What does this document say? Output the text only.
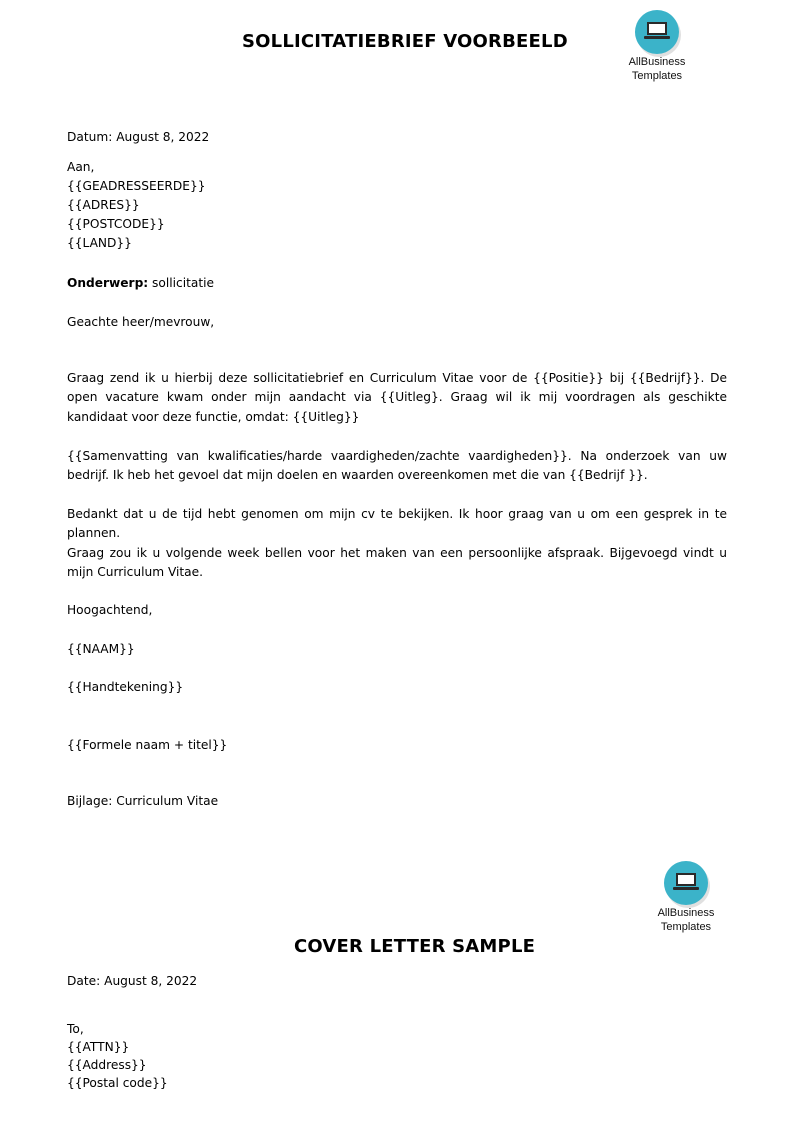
SOLLICITATIEBRIEF VOORBEELD
AllBusiness
Templates
Datum: August 8, 2022
Aan,
{{GEADRESSEERDE}}
{{ADRES}}
{{POSTCODE}}
{{LAND}}
Onderwerp: sollicitatie
Geachte heer/mevrouw,
Graag zend ik u hierbij deze sollicitatiebrief en Curriculum Vitae voor de {{Positie}} bij {{Bedrijf}}. De open vacature kwam onder mijn aandacht via {{Uitleg}. Graag wil ik mij voordragen als geschikte kandidaat voor deze functie, omdat: {{Uitleg}}
{{Samenvatting van kwalificaties/harde vaardigheden/zachte vaardigheden}}. Na onderzoek van uw bedrijf. Ik heb het gevoel dat mijn doelen en waarden overeenkomen met die van {{Bedrijf }}.
Bedankt dat u de tijd hebt genomen om mijn cv te bekijken. Ik hoor graag van u om een gesprek in te plannen.
Graag zou ik u volgende week bellen voor het maken van een persoonlijke afspraak. Bijgevoegd vindt u mijn Curriculum Vitae.
Hoogachtend,
{{NAAM}}
{{Handtekening}}
{{Formele naam + titel}}
Bijlage: Curriculum Vitae
AllBusiness
Templates
COVER LETTER SAMPLE
Date: August 8, 2022
To,
{{ATTN}}
{{Address}}
{{Postal code}}
